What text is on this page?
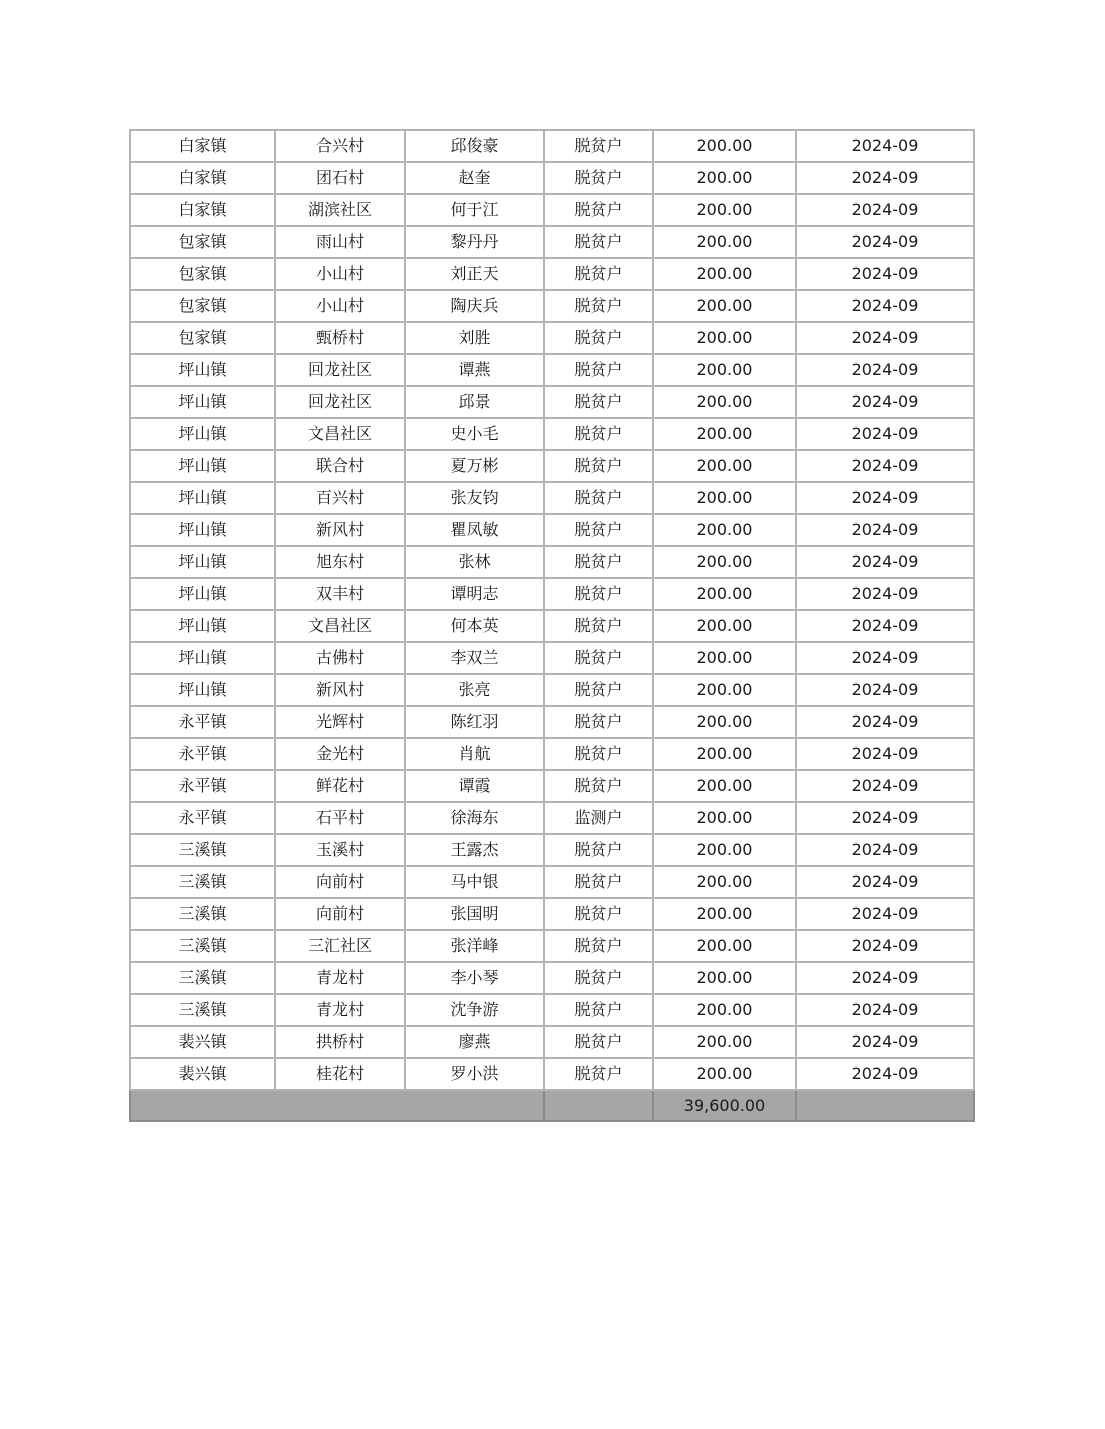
白家镇	合兴村	邱俊豪	脱贫户	200.00	2024-09
白家镇	团石村	赵奎	脱贫户	200.00	2024-09
白家镇	湖滨社区	何于江	脱贫户	200.00	2024-09
包家镇	雨山村	黎丹丹	脱贫户	200.00	2024-09
包家镇	小山村	刘正天	脱贫户	200.00	2024-09
包家镇	小山村	陶庆兵	脱贫户	200.00	2024-09
包家镇	甄桥村	刘胜	脱贫户	200.00	2024-09
坪山镇	回龙社区	谭燕	脱贫户	200.00	2024-09
坪山镇	回龙社区	邱景	脱贫户	200.00	2024-09
坪山镇	文昌社区	史小毛	脱贫户	200.00	2024-09
坪山镇	联合村	夏万彬	脱贫户	200.00	2024-09
坪山镇	百兴村	张友钧	脱贫户	200.00	2024-09
坪山镇	新风村	瞿凤敏	脱贫户	200.00	2024-09
坪山镇	旭东村	张林	脱贫户	200.00	2024-09
坪山镇	双丰村	谭明志	脱贫户	200.00	2024-09
坪山镇	文昌社区	何本英	脱贫户	200.00	2024-09
坪山镇	古佛村	李双兰	脱贫户	200.00	2024-09
坪山镇	新风村	张亮	脱贫户	200.00	2024-09
永平镇	光辉村	陈红羽	脱贫户	200.00	2024-09
永平镇	金光村	肖航	脱贫户	200.00	2024-09
永平镇	鲜花村	谭霞	脱贫户	200.00	2024-09
永平镇	石平村	徐海东	监测户	200.00	2024-09
三溪镇	玉溪村	王露杰	脱贫户	200.00	2024-09
三溪镇	向前村	马中银	脱贫户	200.00	2024-09
三溪镇	向前村	张国明	脱贫户	200.00	2024-09
三溪镇	三汇社区	张洋峰	脱贫户	200.00	2024-09
三溪镇	青龙村	李小琴	脱贫户	200.00	2024-09
三溪镇	青龙村	沈争游	脱贫户	200.00	2024-09
裴兴镇	拱桥村	廖燕	脱贫户	200.00	2024-09
裴兴镇	桂花村	罗小洪	脱贫户	200.00	2024-09
				39,600.00	
